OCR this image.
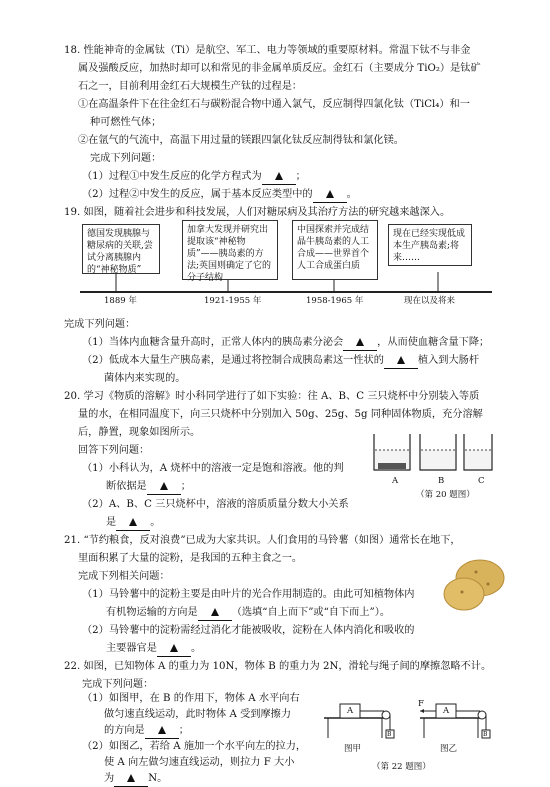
18. 性能神奇的金属钛（Ti）是航空、军工、电力等领域的重要原材料。常温下钛不与非金
属及强酸反应，加热时却可以和常见的非金属单质反应。金红石（主要成分 TiO₂）是钛矿
石之一，目前利用金红石大规模生产钛的过程是：
①在高温条件下在往金红石与碳粉混合物中通入氯气，反应制得四氯化钛（TiCl₄）和一
种可燃性气体；
②在氩气的气流中，高温下用过量的镁跟四氯化钛反应制得钛和氯化镁。
完成下列问题：
（1）过程①中发生反应的化学方程式为	；
（2）过程②中发生的反应，属于基本反应类型中的	。
19. 如图，随着社会进步和科技发展，人们对糖尿病及其治疗方法的研究越来越深入。
德国发现胰腺与糖尿病的关联,尝试分离胰腺内的“神秘物质”
加拿大发现并研究出提取该“神秘物质”——胰岛素的方法;英国则确定了它的分子结构
中国探索并完成结晶牛胰岛素的人工合成——世界首个人工合成蛋白质
现在已经实现低成本生产胰岛素;将来……
1889 年	1921-1955 年	1958-1965 年	现在以及将来
完成下列问题：
（1）当体内血糖含量升高时，正常人体内的胰岛素分泌会	，从而使血糖含量下降；
（2）低成本大量生产胰岛素，是通过将控制合成胰岛素这一性状的	植入到大肠杆
菌体内来实现的。
20. 学习《物质的溶解》时小科同学进行了如下实验：往 A、B、C 三只烧杯中分别装入等质
量的水，在相同温度下，向三只烧杯中分别加入 50g、25g、5g 同种固体物质，充分溶解
后，静置，现象如图所示。
回答下列问题：
（1）小科认为，A 烧杯中的溶液一定是饱和溶液。他的判
断依据是	；
（2）A、B、C 三只烧杯中，溶液的溶质质量分数大小关系
是	。
A	B	C
（第 20 题图）
21. “节约粮食，反对浪费”已成为大家共识。人们食用的马铃薯（如图）通常长在地下，
里面积累了大量的淀粉，是我国的五种主食之一。
完成下列相关问题：
（1）马铃薯中的淀粉主要是由叶片的光合作用制造的。由此可知植物体内
有机物运输的方向是	（选填“自上而下”或“自下而上”）。
（2）马铃薯中的淀粉需经过消化才能被吸收，淀粉在人体内消化和吸收的
主要器官是	。
22. 如图，已知物体 A 的重力为 10N，物体 B 的重力为 2N，滑轮与绳子间的摩擦忽略不计。
完成下列问题：
（1）如图甲，在 B 的作用下，物体 A 水平向右
做匀速直线运动，此时物体 A 受到摩擦力
的方向是	；
（2）如图乙，若给 A 施加一个水平向左的拉力，
使 A 向左做匀速直线运动，则拉力 F 大小
A
B
A
B
F
图甲	图乙
（第 22 题图）
为	N。
